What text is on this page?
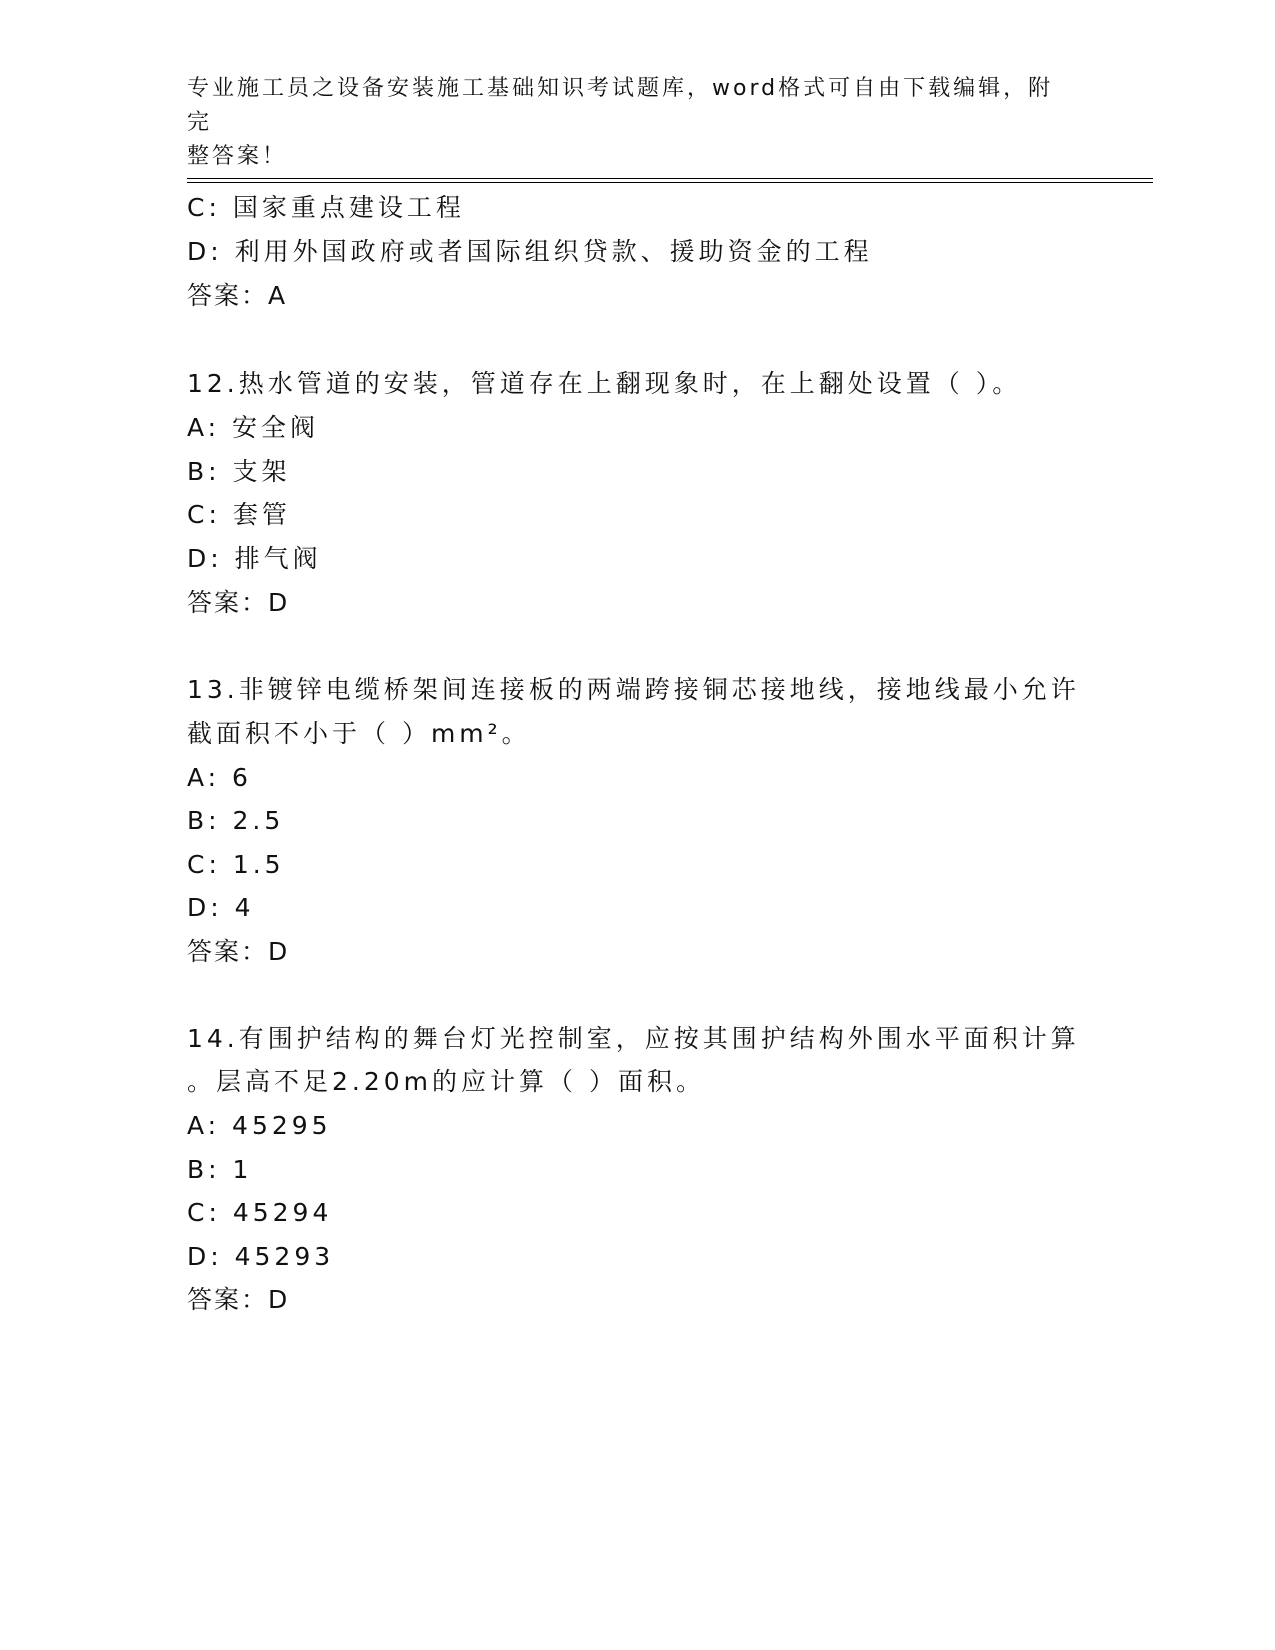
专业施工员之设备安装施工基础知识考试题库，word格式可自由下载编辑，附完
整答案！
C: 国家重点建设工程
D: 利用外国政府或者国际组织贷款、援助资金的工程
答案：A
12.热水管道的安装，管道存在上翻现象时，在上翻处设置（ ）。
A: 安全阀
B: 支架
C: 套管
D: 排气阀
答案：D
13.非镀锌电缆桥架间连接板的两端跨接铜芯接地线，接地线最小允许
截面积不小于（ ）mm²。
A: 6
B: 2.5
C: 1.5
D: 4
答案：D
14.有围护结构的舞台灯光控制室，应按其围护结构外围水平面积计算
。层高不足2.20m的应计算（ ）面积。
A: 45295
B: 1
C: 45294
D: 45293
答案：D
